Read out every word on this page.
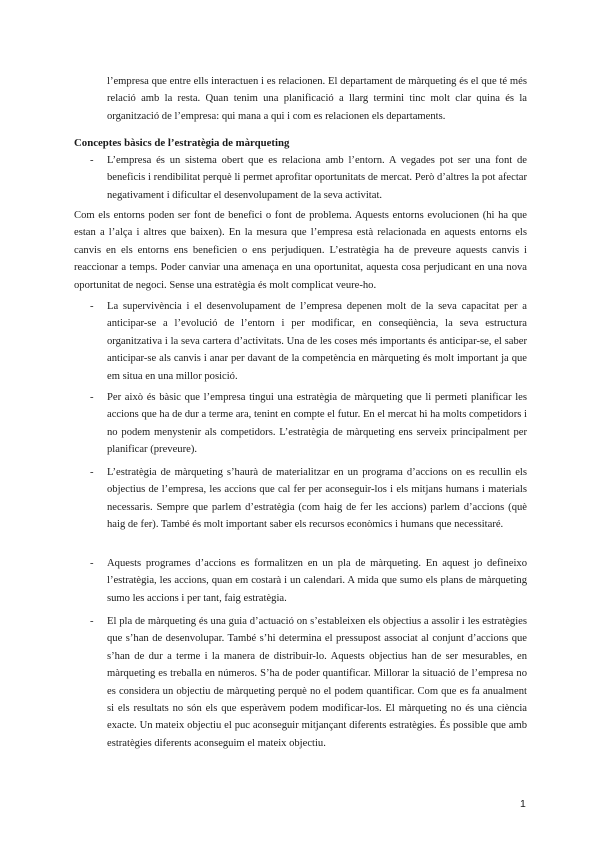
l’empresa que entre ells interactuen i es relacionen. El departament de màrqueting és el que té més relació amb la resta. Quan tenim una planificació a llarg termini tinc molt clar quina és la organització de l’empresa: qui mana a qui i com es relacionen els departaments.

Conceptes bàsics de l’estratègia de màrqueting
-	L’empresa és un sistema obert que es relaciona amb l’entorn. A vegades pot ser una font de beneficis i rendibilitat perquè li permet aprofitar oportunitats de mercat. Però d’altres la pot afectar negativament i dificultar el desenvolupament de la seva activitat.

Com els entorns poden ser font de benefici o font de problema. Aquests entorns evolucionen (hi ha que estan a l’alça i altres que baixen). En la mesura que l’empresa està relacionada en aquests entorns els canvis en els entorns ens beneficien o ens perjudiquen. L’estratègia ha de preveure aquests canvis i reaccionar a temps. Poder canviar una amenaça en una oportunitat, aquesta cosa perjudicant en una nova oportunitat de negoci. Sense una estratègia és molt complicat veure-ho.

-	La supervivència i el desenvolupament de l’empresa depenen molt de la seva capacitat per a anticipar-se a l’evolució de l’entorn i per modificar, en conseqüència, la seva estructura organitzativa i la seva cartera d’activitats. Una de les coses més importants és anticipar-se, el saber anticipar-se als canvis i anar per davant de la competència en màrqueting és molt important ja que em situa en una millor posició.

-	Per això és bàsic que l’empresa tingui una estratègia de màrqueting que li permeti planificar les accions que ha de dur a terme ara, tenint en compte el futur. En el mercat hi ha molts competidors i no podem menystenir als competidors. L’estratègia de màrqueting ens serveix principalment per planificar (preveure).

-	L’estratègia de màrqueting s’haurà de materialitzar en un programa d’accions on es recullin els objectius de l’empresa, les accions que cal fer per aconseguir-los i els mitjans humans i materials necessaris. Sempre que parlem d’estratègia (com haig de fer les accions) parlem d’accions (què haig de fer). També és molt important saber els recursos econòmics i humans que necessitaré.

-	Aquests programes d’accions es formalitzen en un pla de màrqueting. En aquest jo defineixo l’estratègia, les accions, quan em costarà i un calendari. A mida que sumo els plans de màrqueting sumo les accions i per tant, faig estratègia.

-	El pla de màrqueting és una guia d’actuació on s’estableixen els objectius a assolir i les estratègies que s’han de desenvolupar. També s’hi determina el pressupost associat al conjunt d’accions que s’han de dur a terme i la manera de distribuir-lo. Aquests objectius han de ser mesurables, en màrqueting es treballa en números. S’ha de poder quantificar. Millorar la situació de l’empresa no es considera un objectiu de màrqueting perquè no el podem quantificar. Com que es fa anualment si els resultats no són els que esperàvem podem modificar-los. El màrqueting no és una ciència exacte. Un mateix objectiu el puc aconseguir mitjançant diferents estratègies. És possible que amb estratègies diferents aconseguim el mateix objectiu.

1
